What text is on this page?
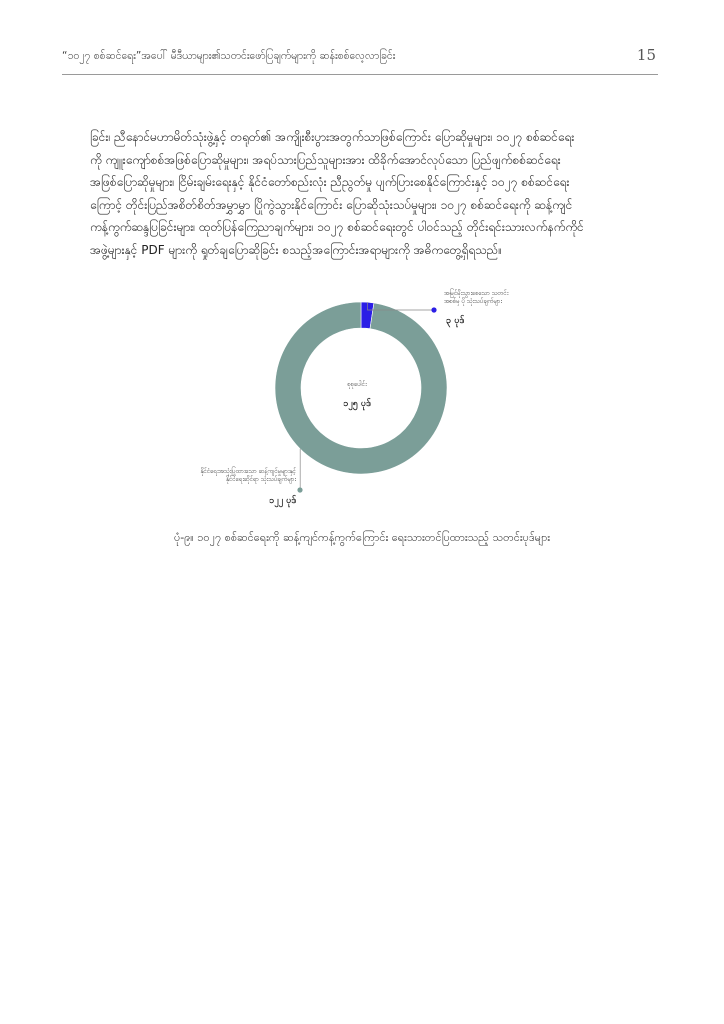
“၁၀၂၇ စစ်ဆင်ရေး”အပေါ် မီဒီယာများ၏သတင်းဖော်ပြချက်များကို ဆန်းစစ်လေ့လာခြင်း	15
ခြင်း၊ ညီနောင်မဟာမိတ်သုံးဖွဲ့နှင့် တရုတ်၏ အကျိုးစီးပွားအတွက်သာဖြစ်ကြောင်း ပြောဆိုမှုများ၊ ၁၀၂၇ စစ်ဆင်ရေး
ကို ကျူးကျော်စစ်အဖြစ်ပြောဆိုမှုများ၊ အရပ်သားပြည်သူများအား ထိခိုက်အောင်လုပ်သော ပြည်ဖျက်စစ်ဆင်ရေး
အဖြစ်ပြောဆိုမှုများ၊ ငြိမ်းချမ်းရေးနှင့် နိုင်ငံတော်စည်းလုံး ညီညွတ်မှု ပျက်ပြားစေနိုင်ကြောင်းနှင့် ၁၀၂၇ စစ်ဆင်ရေး
ကြောင့် တိုင်းပြည်အစိတ်စိတ်အမွှာမွှာ ပြိုကွဲသွားနိုင်ကြောင်း ပြောဆိုသုံးသပ်မှုများ၊ ၁၀၂၇ စစ်ဆင်ရေးကို ဆန့်ကျင်
ကန့်ကွက်ဆန္ဒပြခြင်းများ၊ ထုတ်ပြန်ကြေညာချက်များ၊ ၁၀၂၇ စစ်ဆင်ရေးတွင် ပါဝင်သည့် တိုင်းရင်းသားလက်နက်ကိုင်
အဖွဲ့များနှင့် PDF များကို ရှုတ်ချပြောဆိုခြင်း စသည့်အကြောင်းအရာများကို အဓိကတွေ့ရှိရသည်။
စုစုပေါင်း
၁၂၅ ပုဒ်
အမြင်မိုးသွားစေသော သတင်း အစစ်မှ ပို သုံးသပ်ချက်များ
၃ ပုဒ်
နိုင်ငံရေးအသုံးပြုထားသော ဆန့်ကျင်မှုများနှင့် နိုင်ငံရေးဆိုင်ရာ သုံးသပ်ချက်များ
၁၂၂ ပုဒ်
ပုံ-၉။ ၁၀၂၇ စစ်ဆင်ရေးကို ဆန့်ကျင်ကန့်ကွက်ကြောင်း ရေးသားတင်ပြထားသည့် သတင်းပုဒ်များ
